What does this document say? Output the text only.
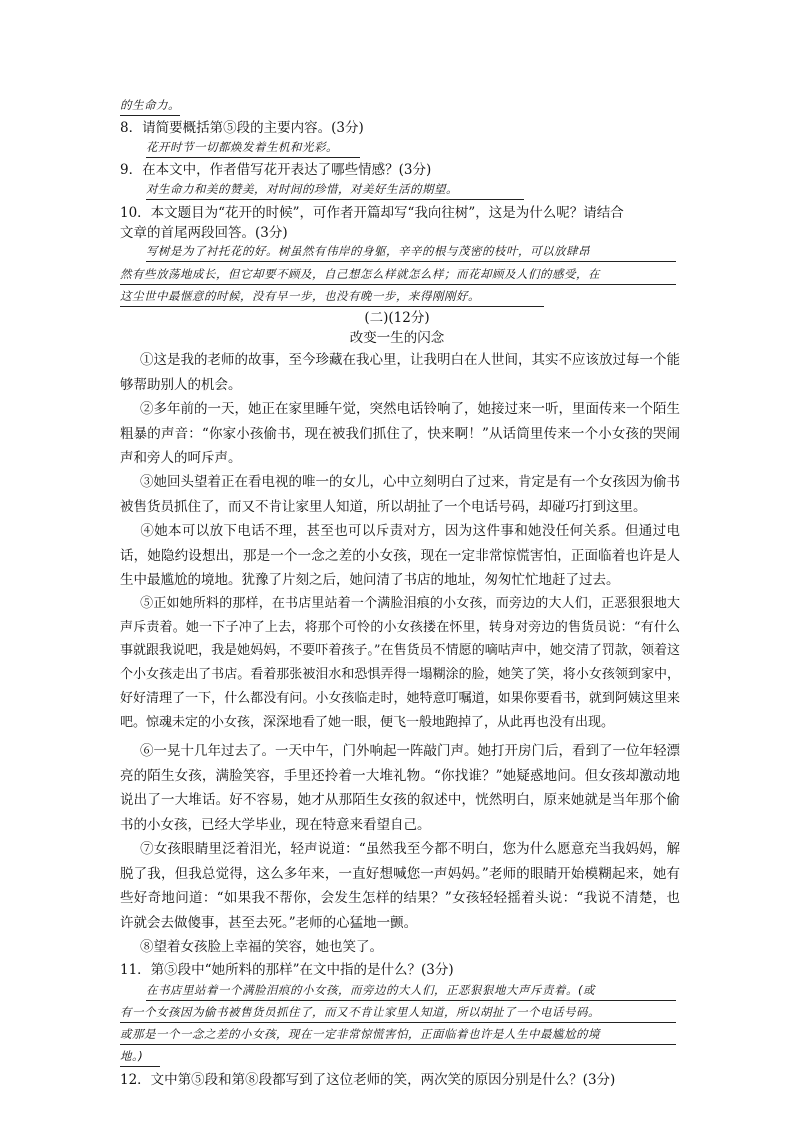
的生命力。
8．请简要概括第⑤段的主要内容。(3分)
花开时节一切都焕发着生机和光彩。
9．在本文中，作者借写花开表达了哪些情感？(3分)
对生命力和美的赞美，对时间的珍惜，对美好生活的期望。
10．本文题目为“花开的时候”，可作者开篇却写“我向往树”，这是为什么呢？请结合
文章的首尾两段回答。(3分)
写树是为了衬托花的好。树虽然有伟岸的身躯，辛辛的根与茂密的枝叶，可以放肆昂
然有些放荡地成长，但它却要不顾及，自己想怎么样就怎么样；而花却顾及人们的感受，在
这尘世中最惬意的时候，没有早一步，也没有晚一步，来得刚刚好。
(二)(12分)
改变一生的闪念
①这是我的老师的故事，至今珍藏在我心里，让我明白在人世间，其实不应该放过每一个能够帮助别人的机会。
②多年前的一天，她正在家里睡午觉，突然电话铃响了，她接过来一听，里面传来一个陌生粗暴的声音：“你家小孩偷书，现在被我们抓住了，快来啊！”从话筒里传来一个小女孩的哭闹声和旁人的呵斥声。
③她回头望着正在看电视的唯一的女儿，心中立刻明白了过来，肯定是有一个女孩因为偷书被售货员抓住了，而又不肯让家里人知道，所以胡扯了一个电话号码，却碰巧打到这里。
④她本可以放下电话不理，甚至也可以斥责对方，因为这件事和她没任何关系。但通过电话，她隐约设想出，那是一个一念之差的小女孩，现在一定非常惊慌害怕，正面临着也许是人生中最尴尬的境地。犹豫了片刻之后，她问清了书店的地址，匆匆忙忙地赶了过去。
⑤正如她所料的那样，在书店里站着一个满脸泪痕的小女孩，而旁边的大人们，正恶狠狠地大声斥责着。她一下子冲了上去，将那个可怜的小女孩搂在怀里，转身对旁边的售货员说：“有什么事就跟我说吧，我是她妈妈，不要吓着孩子。”在售货员不情愿的嘀咕声中，她交清了罚款，领着这个小女孩走出了书店。看着那张被泪水和恐惧弄得一塌糊涂的脸，她笑了笑，将小女孩领到家中，好好清理了一下，什么都没有问。小女孩临走时，她特意叮嘱道，如果你要看书，就到阿姨这里来吧。惊魂未定的小女孩，深深地看了她一眼，便飞一般地跑掉了，从此再也没有出现。
⑥一晃十几年过去了。一天中午，门外响起一阵敲门声。她打开房门后，看到了一位年轻漂亮的陌生女孩，满脸笑容，手里还拎着一大堆礼物。“你找谁？”她疑惑地问。但女孩却激动地说出了一大堆话。好不容易，她才从那陌生女孩的叙述中，恍然明白，原来她就是当年那个偷书的小女孩，已经大学毕业，现在特意来看望自己。
⑦女孩眼睛里泛着泪光，轻声说道：“虽然我至今都不明白，您为什么愿意充当我妈妈，解脱了我，但我总觉得，这么多年来，一直好想喊您一声妈妈。”老师的眼睛开始模糊起来，她有些好奇地问道：“如果我不帮你，会发生怎样的结果？”女孩轻轻摇着头说：“我说不清楚，也许就会去做傻事，甚至去死。”老师的心猛地一颤。
⑧望着女孩脸上幸福的笑容，她也笑了。
11．第⑤段中“她所料的那样”在文中指的是什么？(3分)
在书店里站着一个满脸泪痕的小女孩，而旁边的大人们，正恶狠狠地大声斥责着。(或
有一个女孩因为偷书被售货员抓住了，而又不肯让家里人知道，所以胡扯了一个电话号码。
或那是一个一念之差的小女孩，现在一定非常惊慌害怕，正面临着也许是人生中最尴尬的境
地。)
12．文中第⑤段和第⑧段都写到了这位老师的笑，两次笑的原因分别是什么？(3分)
